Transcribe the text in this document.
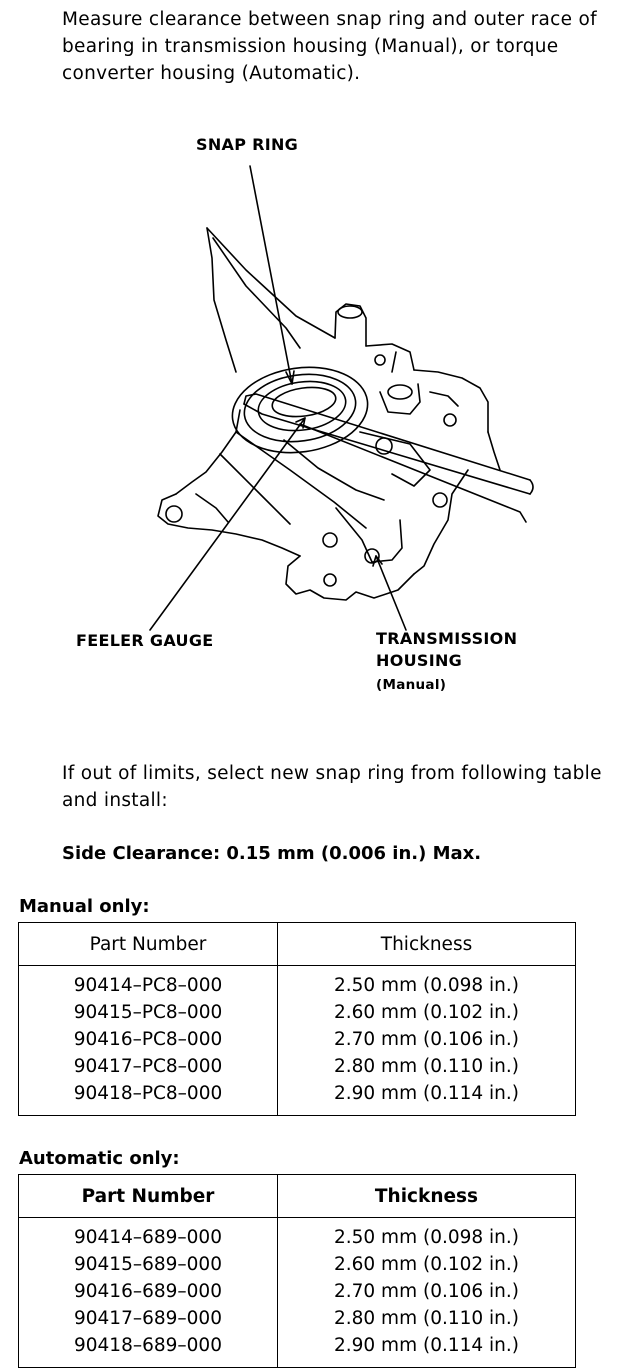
Measure clearance between snap ring and outer race of bearing in transmission housing (Manual), or torque converter housing (Automatic).
SNAP RING
FEELER GAUGE	TRANSMISSION
HOUSING
(Manual)
If out of limits, select new snap ring from following table and install:
Side Clearance: 0.15 mm (0.006 in.) Max.
Manual only:
Part Number	Thickness
90414–PC8–000	2.50 mm (0.098 in.)
90415–PC8–000	2.60 mm (0.102 in.)
90416–PC8–000	2.70 mm (0.106 in.)
90417–PC8–000	2.80 mm (0.110 in.)
90418–PC8–000	2.90 mm (0.114 in.)
Automatic only:
Part Number	Thickness
90414–689–000	2.50 mm (0.098 in.)
90415–689–000	2.60 mm (0.102 in.)
90416–689–000	2.70 mm (0.106 in.)
90417–689–000	2.80 mm (0.110 in.)
90418–689–000	2.90 mm (0.114 in.)
